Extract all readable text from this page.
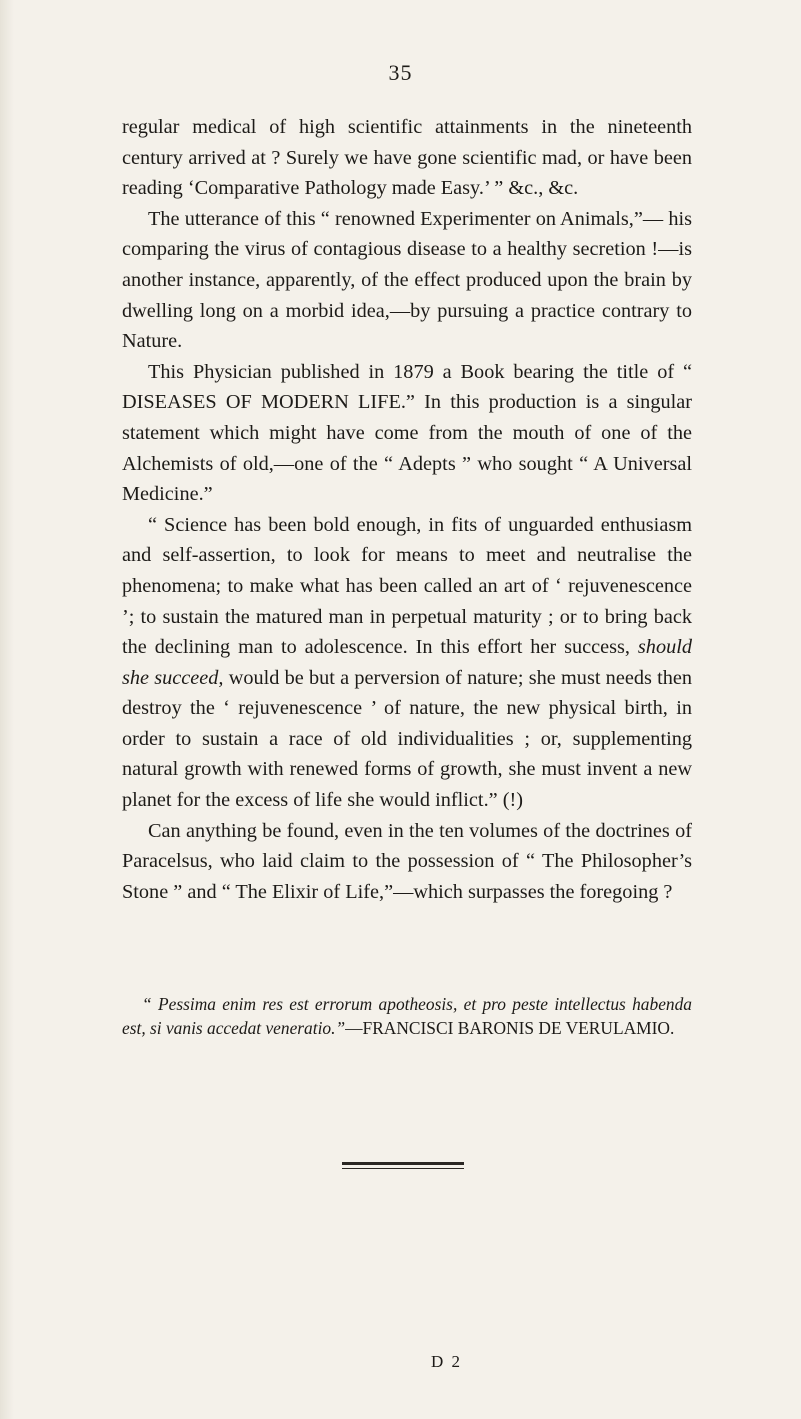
35

regular medical of high scientific attainments in the nineteenth century arrived at ? Surely we have gone scientific mad, or have been reading ‘Comparative Pathology made Easy.’ ” &c., &c.

The utterance of this “ renowned Experimenter on Animals,”— his comparing the virus of contagious disease to a healthy secretion !—is another instance, apparently, of the effect produced upon the brain by dwelling long on a morbid idea,—by pursuing a practice contrary to Nature.

This Physician published in 1879 a Book bearing the title of “ DISEASES OF MODERN LIFE.” In this production is a singular statement which might have come from the mouth of one of the Alchemists of old,—one of the “ Adepts ” who sought “ A Universal Medicine.”

“ Science has been bold enough, in fits of unguarded enthusiasm and self-assertion, to look for means to meet and neutralise the phenomena; to make what has been called an art of ‘ rejuvenescence ’; to sustain the matured man in perpetual maturity ; or to bring back the declining man to adolescence. In this effort her success, should she succeed, would be but a perversion of nature; she must needs then destroy the ‘ rejuvenescence ’ of nature, the new physical birth, in order to sustain a race of old individualities ; or, supplementing natural growth with renewed forms of growth, she must invent a new planet for the excess of life she would inflict.” (!)

Can anything be found, even in the ten volumes of the doctrines of Paracelsus, who laid claim to the possession of “ The Philosopher’s Stone ” and “ The Elixir of Life,”—which surpasses the foregoing ?

“ Pessima enim res est errorum apotheosis, et pro peste intellectus habenda est, si vanis accedat veneratio.”—FRANCISCI BARONIS DE VERULAMIO.

D 2
